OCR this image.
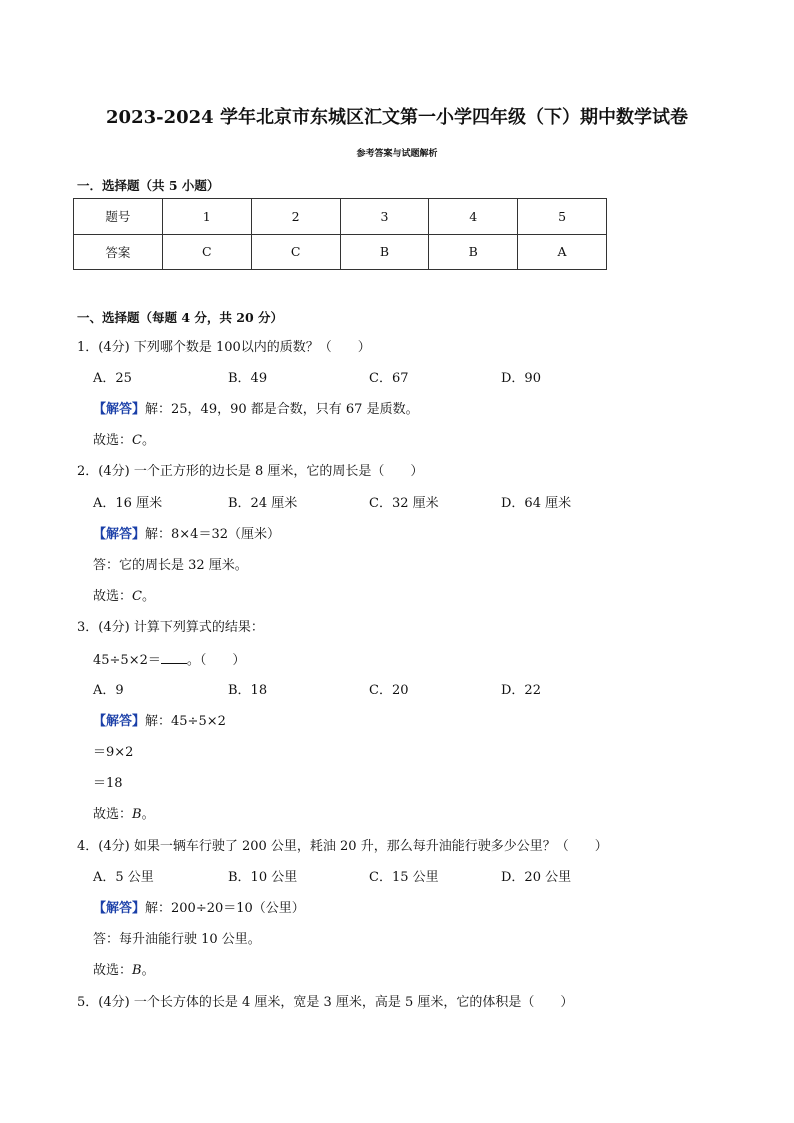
2023-2024 学年北京市东城区汇文第一小学四年级（下）期中数学试卷
参考答案与试题解析
一．选择题（共 5 小题）
题号	1	2	3	4	5
答案	C	C	B	B	A
一、选择题（每题 4 分，共 20 分）
1．(4分) 下列哪个数是 100以内的质数？（　　）
A．25	B．49	C．67	D．90
【解答】解：25，49，90 都是合数，只有 67 是质数。
故选：C。
2．(4分) 一个正方形的边长是 8 厘米，它的周长是（　　）
A．16 厘米	B．24 厘米	C．32 厘米	D．64 厘米
【解答】解：8×4＝32（厘米）
答：它的周长是 32 厘米。
故选：C。
3．(4分) 计算下列算式的结果：
45÷5×2＝ 。（　　）
A．9	B．18	C．20	D．22
【解答】解：45÷5×2
＝9×2
＝18
故选：B。
4．(4分) 如果一辆车行驶了 200 公里，耗油 20 升，那么每升油能行驶多少公里？（　　）
A．5 公里	B．10 公里	C．15 公里	D．20 公里
【解答】解：200÷20＝10（公里）
答：每升油能行驶 10 公里。
故选：B。
5．(4分) 一个长方体的长是 4 厘米，宽是 3 厘米，高是 5 厘米，它的体积是（　　）
